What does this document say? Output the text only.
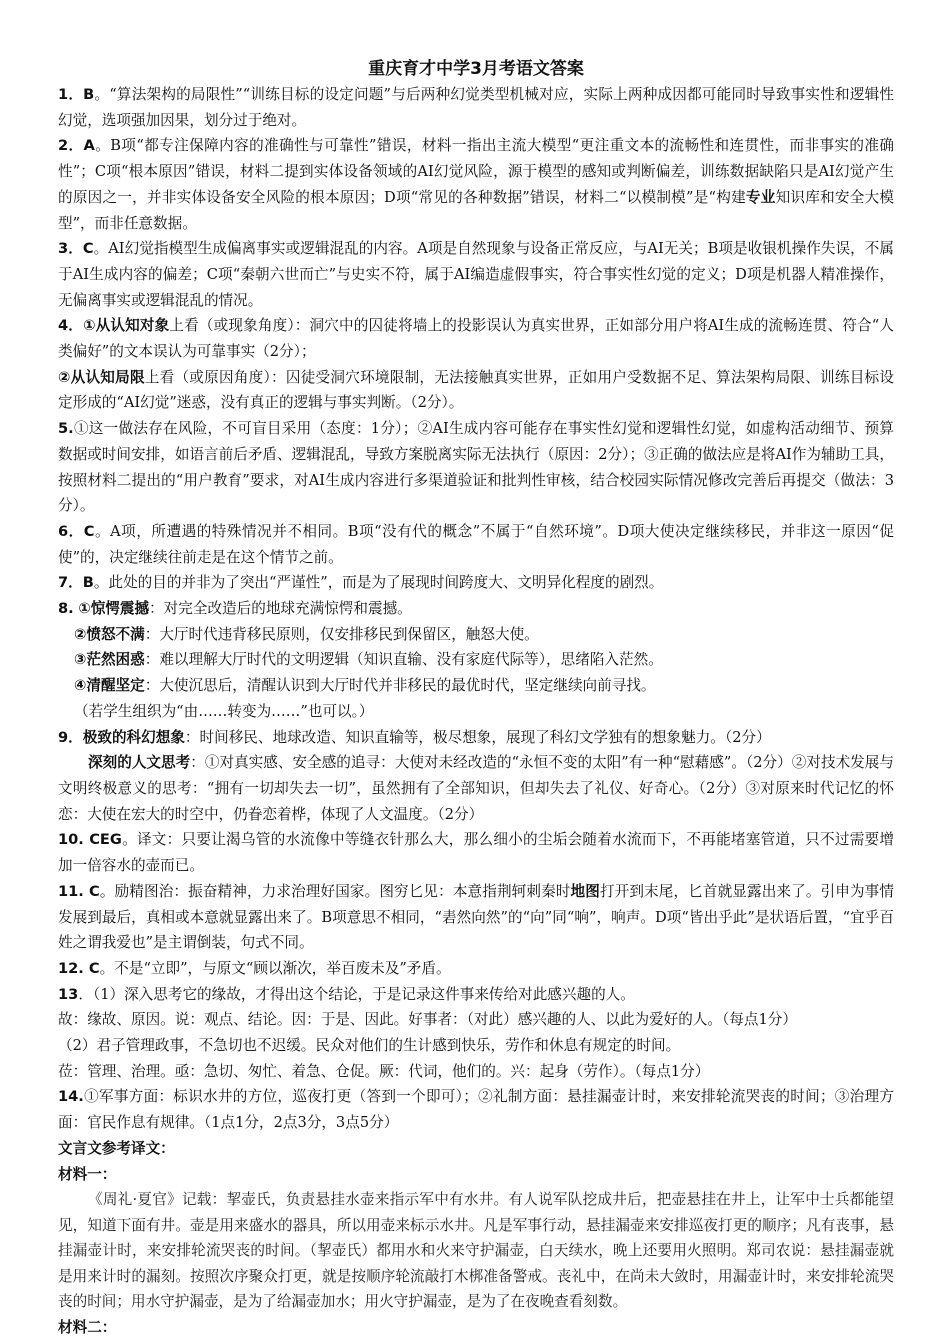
重庆育才中学3月考语文答案

1．B。“算法架构的局限性”“训练目标的设定问题”与后两种幻觉类型机械对应，实际上两种成因都可能同时导致事实性和逻辑性幻觉，选项强加因果，划分过于绝对。

2．A。B项“都专注保障内容的准确性与可靠性”错误，材料一指出主流大模型“更注重文本的流畅性和连贯性，而非事实的准确性”；C项“根本原因”错误，材料二提到实体设备领域的AI幻觉风险，源于模型的感知或判断偏差，训练数据缺陷只是AI幻觉产生的原因之一，并非实体设备安全风险的根本原因；D项“常见的各种数据”错误，材料二“以模制模”是“构建专业知识库和安全大模型”，而非任意数据。

3．C。AI幻觉指模型生成偏离事实或逻辑混乱的内容。A项是自然现象与设备正常反应，与AI无关；B项是收银机操作失误，不属于AI生成内容的偏差；C项“秦朝六世而亡”与史实不符，属于AI编造虚假事实，符合事实性幻觉的定义；D项是机器人精准操作，无偏离事实或逻辑混乱的情况。

4．①从认知对象上看（或现象角度）：洞穴中的囚徒将墙上的投影误认为真实世界，正如部分用户将AI生成的流畅连贯、符合“人类偏好”的文本误认为可靠事实（2分）；

②从认知局限上看（或原因角度）：囚徒受洞穴环境限制，无法接触真实世界，正如用户受数据不足、算法架构局限、训练目标设定形成的“AI幻觉”迷惑，没有真正的逻辑与事实判断。（2分）。

5.①这一做法存在风险，不可盲目采用（态度：1分）；②AI生成内容可能存在事实性幻觉和逻辑性幻觉，如虚构活动细节、预算数据或时间安排，如语言前后矛盾、逻辑混乱，导致方案脱离实际无法执行（原因：2分）；③正确的做法应是将AI作为辅助工具，按照材料二提出的“用户教育”要求，对AI生成内容进行多渠道验证和批判性审核，结合校园实际情况修改完善后再提交（做法：3分）。

6．C。A项，所遭遇的特殊情况并不相同。B项“没有代的概念”不属于“自然环境”。D项大使决定继续移民，并非这一原因“促使”的，决定继续往前走是在这个情节之前。

7．B。此处的目的并非为了突出“严谨性”，而是为了展现时间跨度大、文明异化程度的剧烈。

8. ①惊愕震撼：对完全改造后的地球充满惊愕和震撼。

②愤怒不满：大厅时代违背移民原则，仅安排移民到保留区，触怒大使。

③茫然困惑：难以理解大厅时代的文明逻辑（知识直输、没有家庭代际等），思绪陷入茫然。

④清醒坚定：大使沉思后，清醒认识到大厅时代并非移民的最优时代，坚定继续向前寻找。

（若学生组织为“由……转变为……”也可以。）

9．极致的科幻想象：时间移民、地球改造、知识直输等，极尽想象，展现了科幻文学独有的想象魅力。（2分）

深刻的人文思考：①对真实感、安全感的追寻：大使对未经改造的“永恒不变的太阳”有一种“慰藉感”。（2分）②对技术发展与文明终极意义的思考：“拥有一切却失去一切”，虽然拥有了全部知识，但却失去了礼仪、好奇心。（2分）③对原来时代记忆的怀恋：大使在宏大的时空中，仍眷恋着桦，体现了人文温度。（2分）

10. CEG。译文：只要让渴乌管的水流像中等缝衣针那么大，那么细小的尘垢会随着水流而下，不再能堵塞管道，只不过需要增加一倍容水的壶而已。

11. C。励精图治：振奋精神，力求治理好国家。图穷匕见：本意指荆轲刺秦时地图打开到末尾，匕首就显露出来了。引申为事情发展到最后，真相或本意就显露出来了。B项意思不相同，“砉然向然”的“向”同“响”，响声。D项“皆出乎此”是状语后置，“宜乎百姓之谓我爱也”是主谓倒装，句式不同。

12. C。不是“立即”，与原文“顾以渐次，举百废未及”矛盾。

13．（1）深入思考它的缘故，才得出这个结论，于是记录这件事来传给对此感兴趣的人。

故：缘故、原因。说：观点、结论。因：于是、因此。好事者：（对此）感兴趣的人、以此为爱好的人。（每点1分）

（2）君子管理政事，不急切也不迟缓。民众对他们的生计感到快乐，劳作和休息有规定的时间。

莅：管理、治理。亟：急切、匆忙、着急、仓促。厥：代词，他们的。兴：起身（劳作）。（每点1分）

14.①军事方面：标识水井的方位，巡夜打更（答到一个即可）；②礼制方面：悬挂漏壶计时，来安排轮流哭丧的时间；③治理方面：官民作息有规律。（1点1分，2点3分，3点5分）

文言文参考译文：

材料一：

《周礼·夏官》记载：挈壶氏，负责悬挂水壶来指示军中有水井。有人说军队挖成井后，把壶悬挂在井上，让军中士兵都能望见，知道下面有井。壶是用来盛水的器具，所以用壶来标示水井。凡是军事行动，悬挂漏壶来安排巡夜打更的顺序；凡有丧事，悬挂漏壶计时，来安排轮流哭丧的时间。（挈壶氏）都用水和火来守护漏壶，白天续水，晚上还要用火照明。郑司农说：悬挂漏壶就是用来计时的漏刻。按照次序聚众打更，就是按顺序轮流敲打木梆准备警戒。丧礼中，在尚未大敛时，用漏壶计时，来安排轮流哭丧的时间；用水守护漏壶，是为了给漏壶加水；用火守护漏壶，是为了在夜晚查看刻数。

材料二：
